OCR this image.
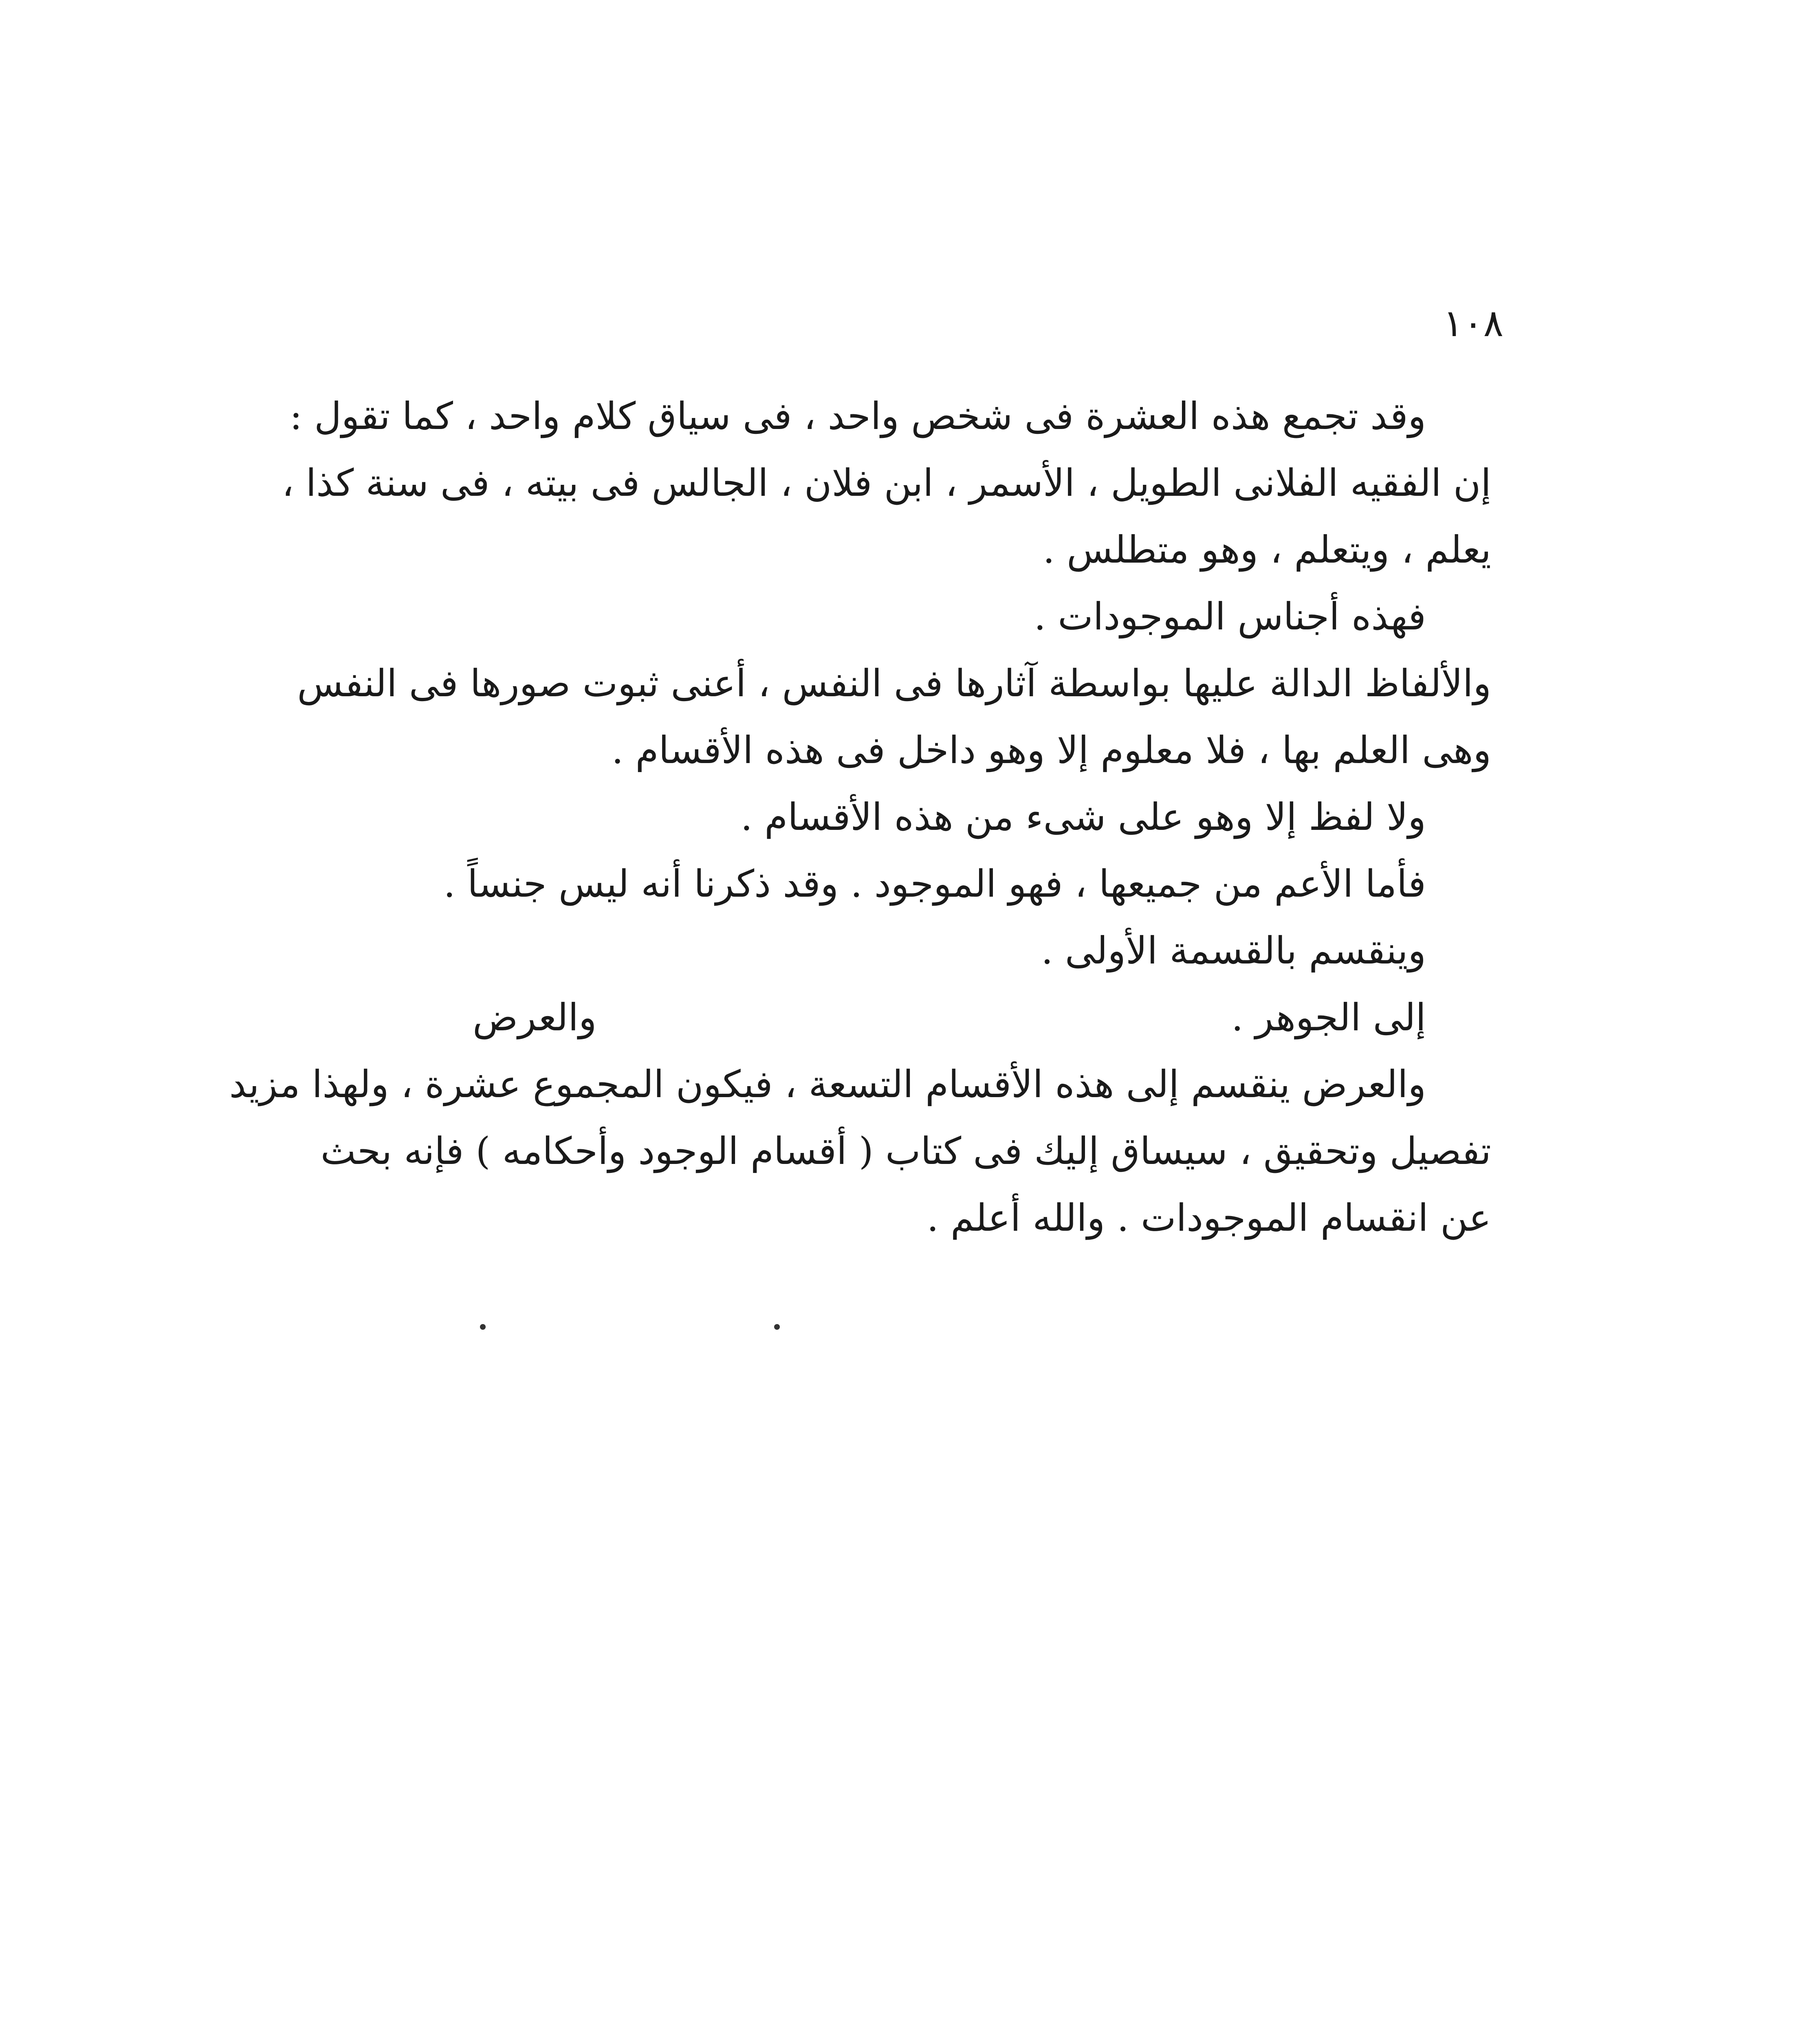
١٠٨
وقد تجمع هذه العشرة فى شخص واحد ، فى سياق كلام واحد ، كما تقول :
إن الفقيه الفلانى الطويل ، الأسمر ، ابن فلان ، الجالس فى بيته ، فى سنة كذا ،
يعلم ، ويتعلم ، وهو متطلس .
فهذه أجناس الموجودات .
والألفاظ الدالة عليها بواسطة آثارها فى النفس ، أعنى ثبوت صورها فى النفس
وهى العلم بها ، فلا معلوم إلا وهو داخل فى هذه الأقسام .
ولا لفظ إلا وهو على شىء من هذه الأقسام .
فأما الأعم من جميعها ، فهو الموجود . وقد ذكرنا أنه ليس جنساً .
وينقسم بالقسمة الأولى .
إلى الجوهر .
والعرض
والعرض ينقسم إلى هذه الأقسام التسعة ، فيكون المجموع عشرة ، ولهذا مزيد
تفصيل وتحقيق ، سيساق إليك فى كتاب ( أقسام الوجود وأحكامه ) فإنه بحث
عن انقسام الموجودات . والله أعلم .
